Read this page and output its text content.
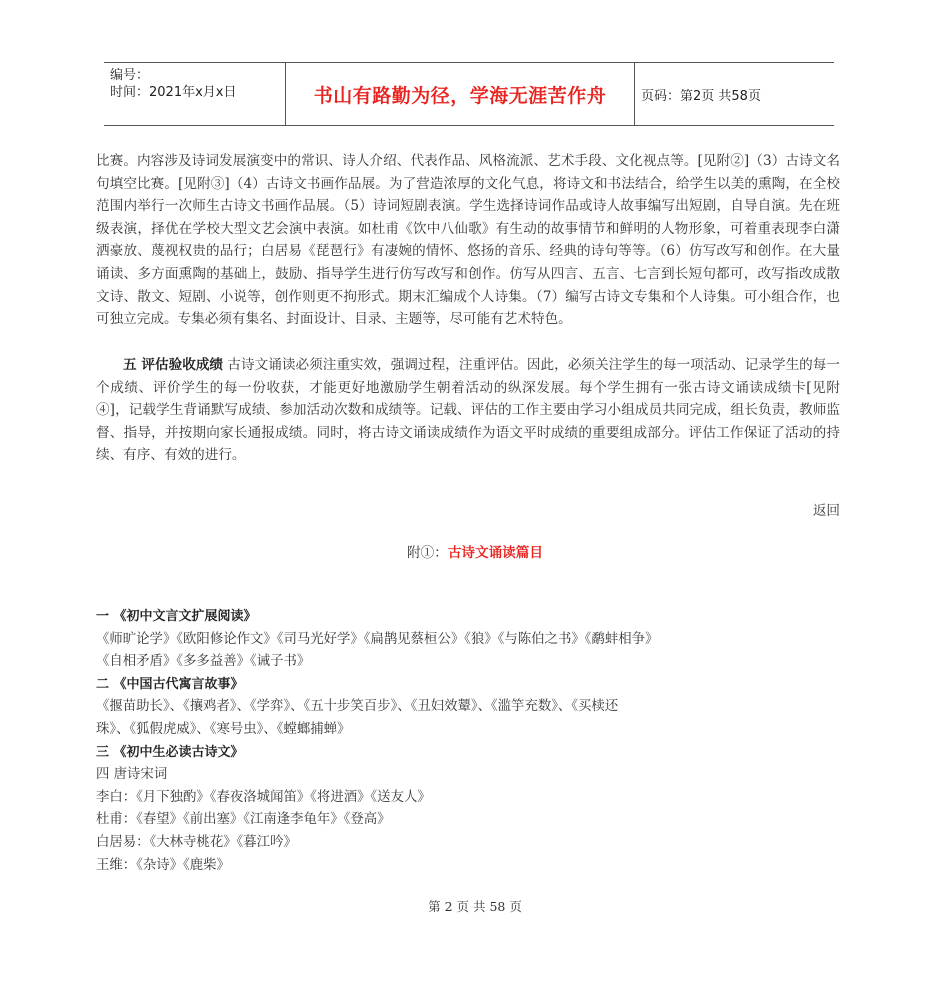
编号：
时间：2021年x月x日	书山有路勤为径，学海无涯苦作舟	页码：第2页 共58页
比赛。内容涉及诗词发展演变中的常识、诗人介绍、代表作品、风格流派、艺术手段、文化视点等。[见附②]（3）古诗文名句填空比赛。[见附③]（4）古诗文书画作品展。为了营造浓厚的文化气息，将诗文和书法结合，给学生以美的熏陶，在全校范围内举行一次师生古诗文书画作品展。（5）诗词短剧表演。学生选择诗词作品或诗人故事编写出短剧，自导自演。先在班级表演，择优在学校大型文艺会演中表演。如杜甫《饮中八仙歌》有生动的故事情节和鲜明的人物形象，可着重表现李白潇洒豪放、蔑视权贵的品行；白居易《琵琶行》有凄婉的情怀、悠扬的音乐、经典的诗句等等。（6）仿写改写和创作。在大量诵读、多方面熏陶的基础上，鼓励、指导学生进行仿写改写和创作。仿写从四言、五言、七言到长短句都可，改写指改成散文诗、散文、短剧、小说等，创作则更不拘形式。期末汇编成个人诗集。（7）编写古诗文专集和个人诗集。可小组合作，也可独立完成。专集必须有集名、封面设计、目录、主题等，尽可能有艺术特色。
五 评估验收成绩 古诗文诵读必须注重实效，强调过程，注重评估。因此，必须关注学生的每一项活动、记录学生的每一个成绩、评价学生的每一份收获，才能更好地激励学生朝着活动的纵深发展。每个学生拥有一张古诗文诵读成绩卡[见附④]，记载学生背诵默写成绩、参加活动次数和成绩等。记载、评估的工作主要由学习小组成员共同完成，组长负责，教师监督、指导，并按期向家长通报成绩。同时，将古诗文诵读成绩作为语文平时成绩的重要组成部分。评估工作保证了活动的持续、有序、有效的进行。
返回
附①：古诗文诵读篇目
一 《初中文言文扩展阅读》
《师旷论学》《欧阳修论作文》《司马光好学》《扁鹊见蔡桓公》《狼》《与陈伯之书》《鹬蚌相争》
《自相矛盾》《多多益善》《诫子书》
二 《中国古代寓言故事》
《揠苗助长》、《攘鸡者》、《学弈》、《五十步笑百步》、《丑妇效颦》、《滥竽充数》、《买椟还
珠》、《狐假虎威》、《寒号虫》、《螳螂捕蝉》
三 《初中生必读古诗文》
四 唐诗宋词
李白：《月下独酌》《春夜洛城闻笛》《将进酒》《送友人》
杜甫：《春望》《前出塞》《江南逢李龟年》《登高》
白居易：《大林寺桃花》《暮江吟》
王维：《杂诗》《鹿柴》
第 2 页 共 58 页
